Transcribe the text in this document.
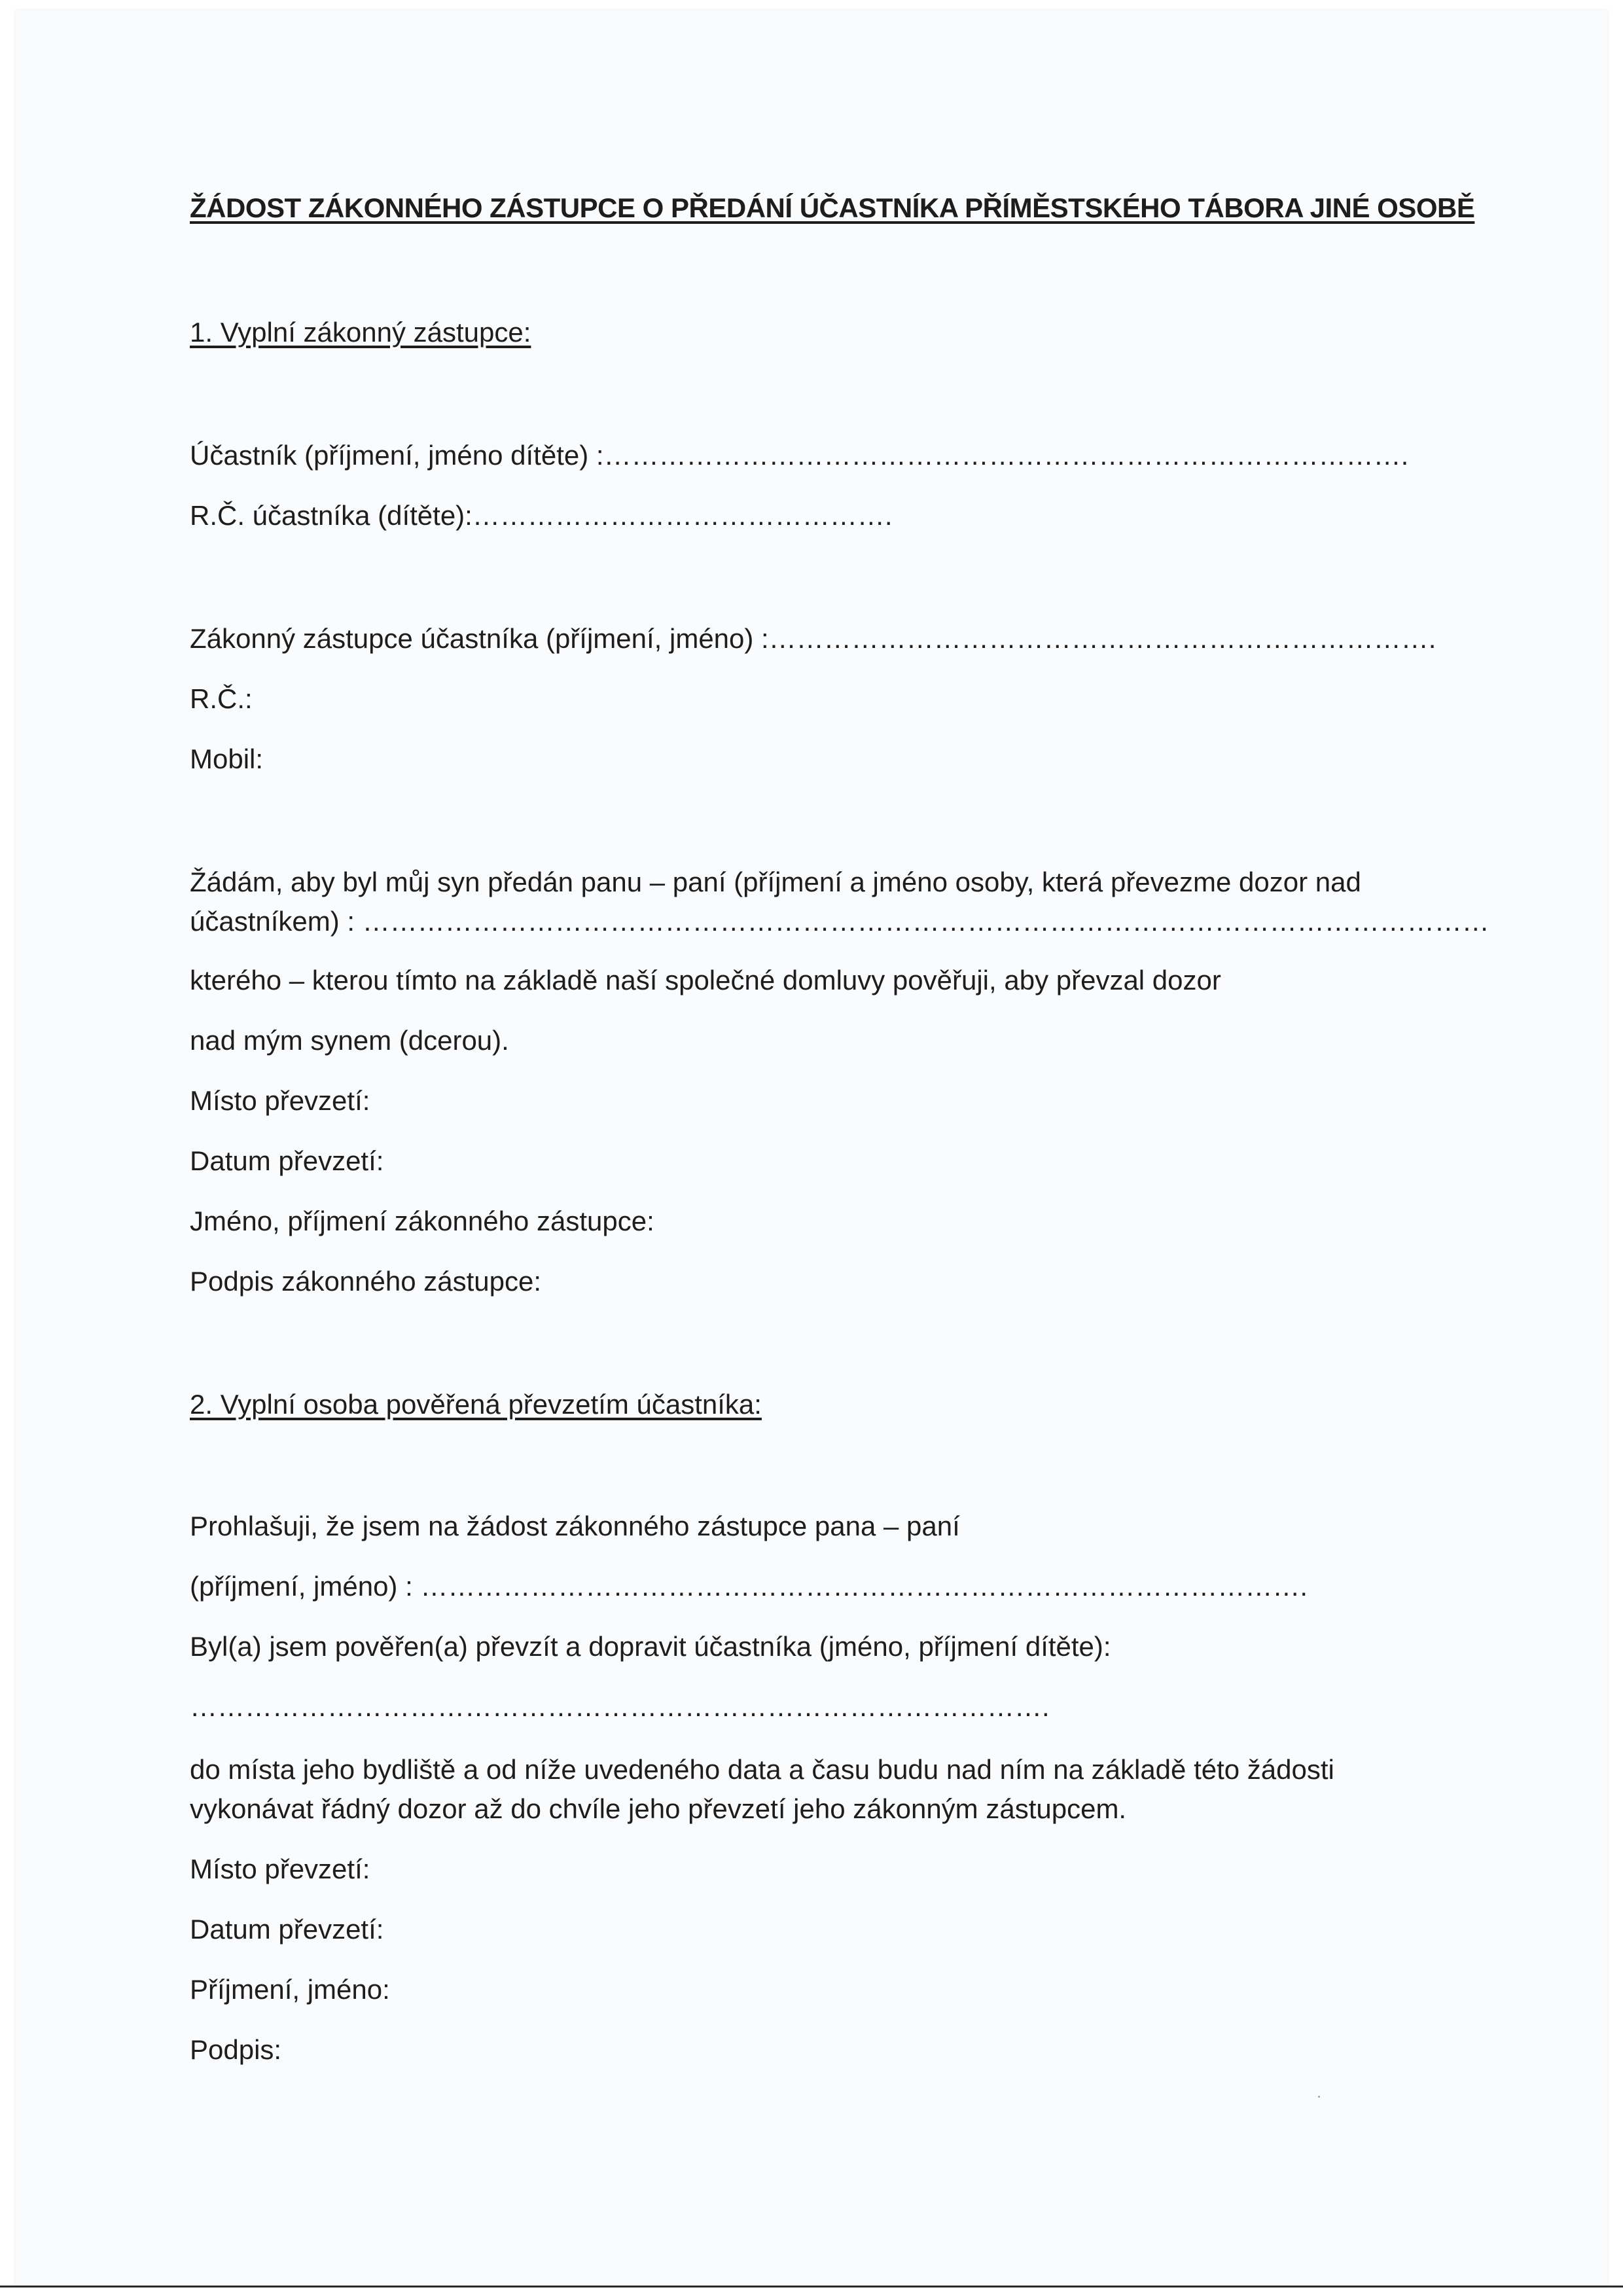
ŽÁDOST ZÁKONNÉHO ZÁSTUPCE O PŘEDÁNÍ ÚČASTNÍKA PŘÍMĚSTSKÉHO TÁBORA JINÉ OSOBĚ
1. Vyplní zákonný zástupce:
Účastník (příjmení, jméno dítěte) :…………………………………………………………………………….
R.Č. účastníka (dítěte):……………………………………….
Zákonný zástupce účastníka (příjmení, jméno) :……………………………………………………………….
R.Č.:
Mobil:
Žádám, aby byl můj syn předán panu – paní (příjmení a jméno osoby, která převezme dozor nad
účastníkem) : ……………………………………………………………………………………………………………
kterého – kterou tímto na základě naší společné domluvy pověřuji, aby převzal dozor
nad mým synem (dcerou).
Místo převzetí:
Datum převzetí:
Jméno, příjmení zákonného zástupce:
Podpis zákonného zástupce:
2. Vyplní osoba pověřená převzetím účastníka:
Prohlašuji, že jsem na žádost zákonného zástupce pana – paní
(příjmení, jméno) : …………………………………………………………………………………….
Byl(a) jsem pověřen(a) převzít a dopravit účastníka (jméno, příjmení dítěte):
………………………………………………………………………………….
do místa jeho bydliště a od níže uvedeného data a času budu nad ním na základě této žádosti
vykonávat řádný dozor až do chvíle jeho převzetí jeho zákonným zástupcem.
Místo převzetí:
Datum převzetí:
Příjmení, jméno:
Podpis:
